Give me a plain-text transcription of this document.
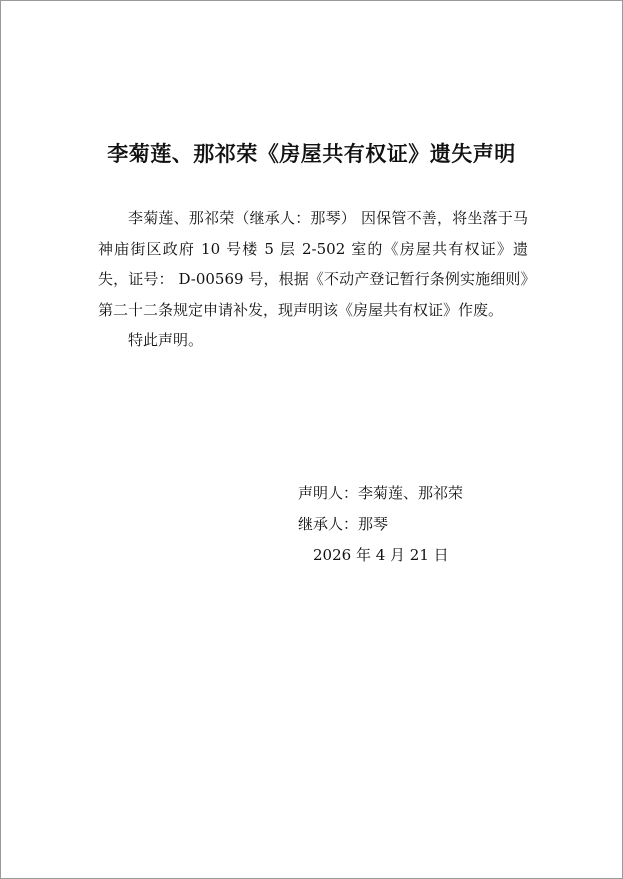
李菊莲、那祁荣《房屋共有权证》遗失声明

李菊莲、那祁荣（继承人：那琴） 因保管不善，将坐落于马神庙街区政府 10 号楼 5 层 2-502 室的《房屋共有权证》遗失，证号： D-00569 号，根据《不动产登记暂行条例实施细则》第二十二条规定申请补发，现声明该《房屋共有权证》作废。

特此声明。

声明人：李菊莲、那祁荣
继承人：那琴
2026 年 4 月 21 日
